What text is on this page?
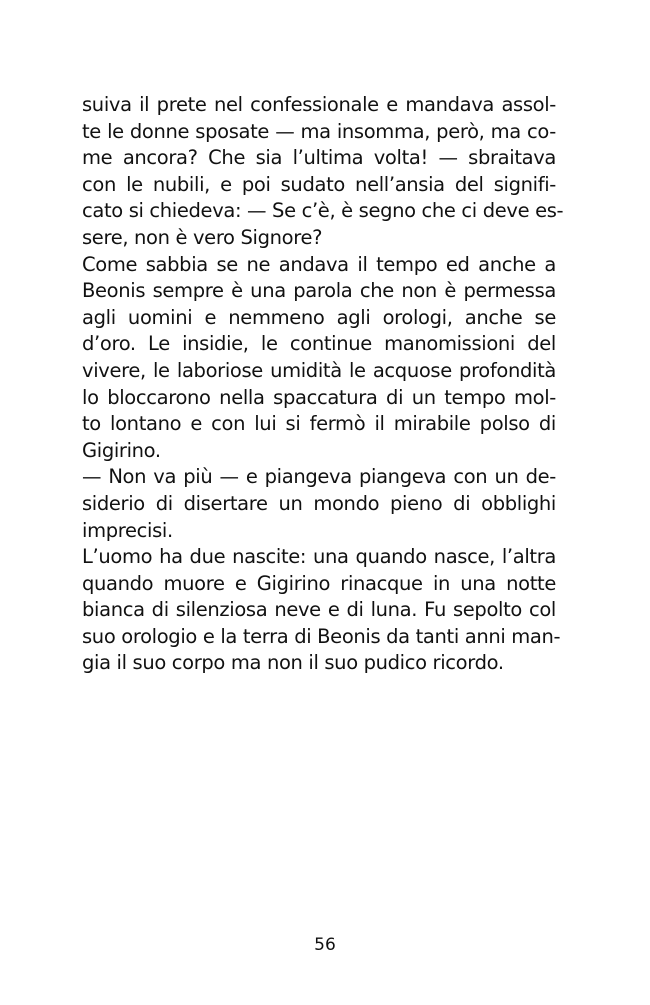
suiva il prete nel confessionale e mandava assol-
te le donne sposate — ma insomma, però, ma co-
me ancora? Che sia l’ultima volta! — sbraitava
con le nubili, e poi sudato nell’ansia del signifi-
cato si chiedeva: — Se c’è, è segno che ci deve es-
sere, non è vero Signore?
Come sabbia se ne andava il tempo ed anche a
Beonis sempre è una parola che non è permessa
agli uomini e nemmeno agli orologi, anche se
d’oro. Le insidie, le continue manomissioni del
vivere, le laboriose umidità le acquose profondità
lo bloccarono nella spaccatura di un tempo mol-
to lontano e con lui si fermò il mirabile polso di
Gigirino.
— Non va più — e piangeva piangeva con un de-
siderio di disertare un mondo pieno di obblighi
imprecisi.
L’uomo ha due nascite: una quando nasce, l’altra
quando muore e Gigirino rinacque in una notte
bianca di silenziosa neve e di luna. Fu sepolto col
suo orologio e la terra di Beonis da tanti anni man-
gia il suo corpo ma non il suo pudico ricordo.
56
